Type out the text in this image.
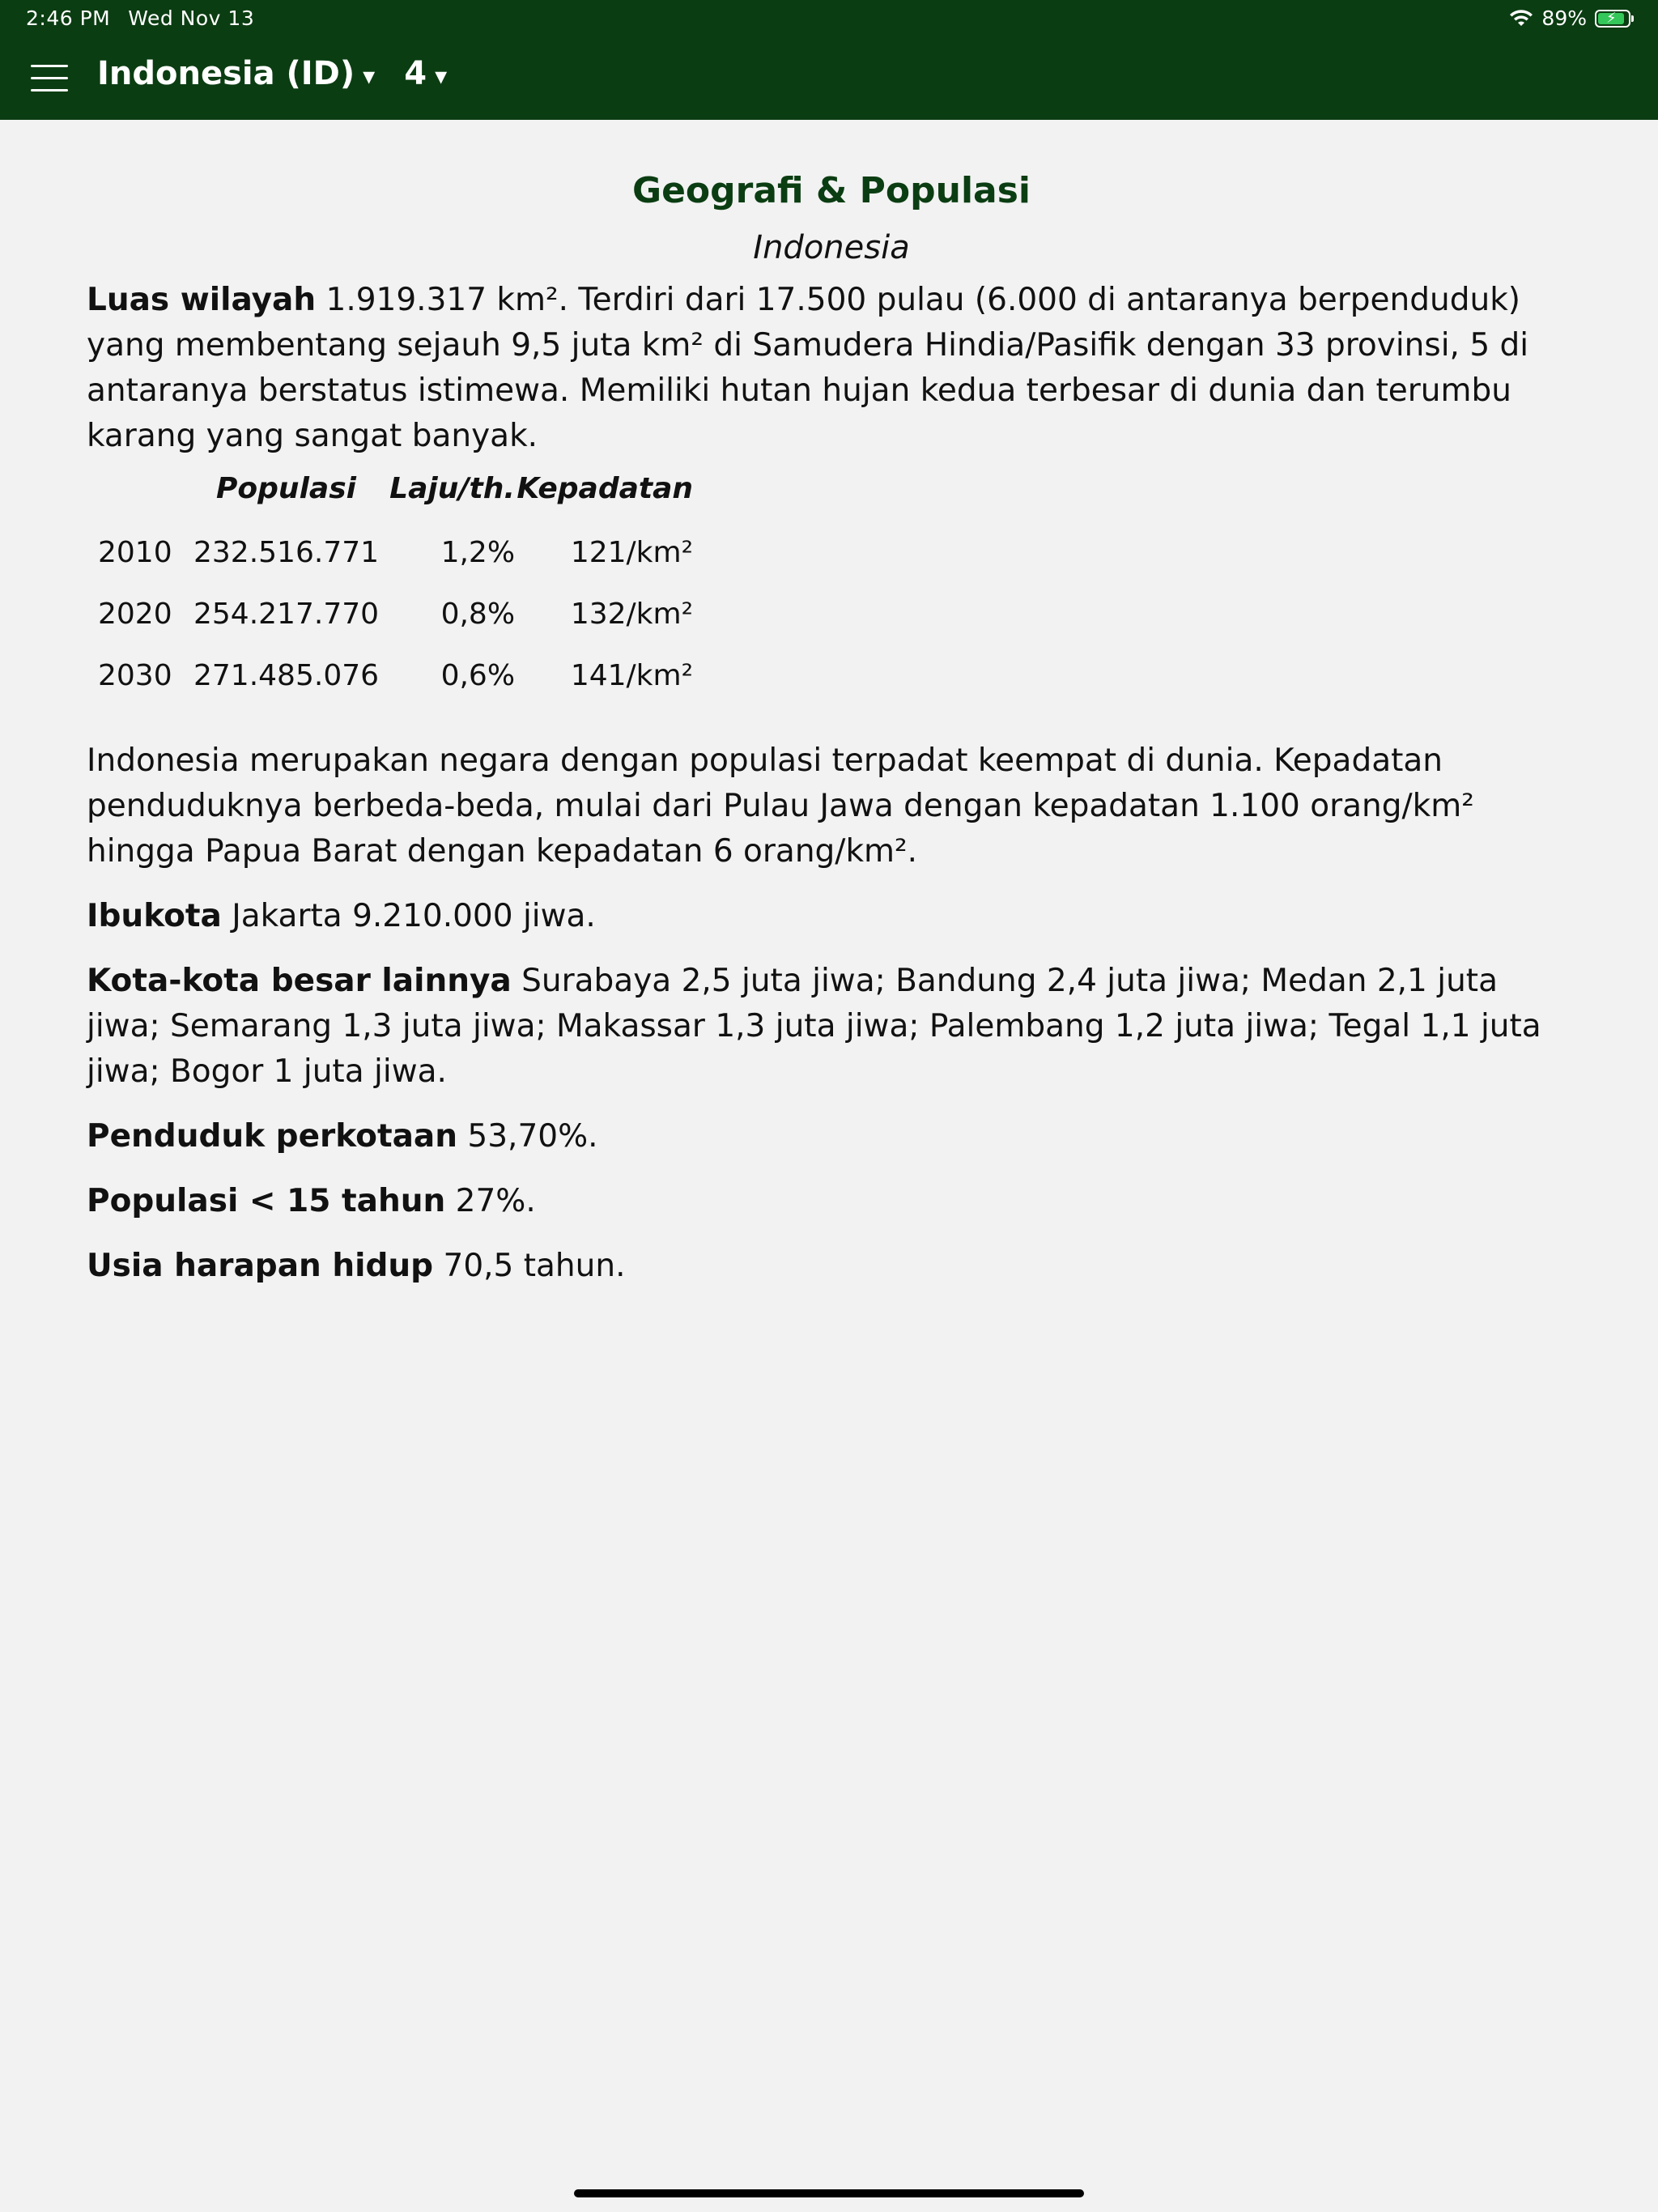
2:46 PM Wed Nov 13	89% ⚡
Indonesia (ID) ▾ 4 ▾
Geografi & Populasi
Indonesia

Luas wilayah 1.919.317 km². Terdiri dari 17.500 pulau (6.000 di antaranya berpenduduk) yang membentang sejauh 9,5 juta km² di Samudera Hindia/Pasifik dengan 33 provinsi, 5 di antaranya berstatus istimewa. Memiliki hutan hujan kedua terbesar di dunia dan terumbu karang yang sangat banyak.

	Populasi	Laju/th.	Kepadatan
2010	232.516.771	1,2%	121/km²
2020	254.217.770	0,8%	132/km²
2030	271.485.076	0,6%	141/km²

Indonesia merupakan negara dengan populasi terpadat keempat di dunia. Kepadatan penduduknya berbeda-beda, mulai dari Pulau Jawa dengan kepadatan 1.100 orang/km² hingga Papua Barat dengan kepadatan 6 orang/km².

Ibukota Jakarta 9.210.000 jiwa.

Kota-kota besar lainnya Surabaya 2,5 juta jiwa; Bandung 2,4 juta jiwa; Medan 2,1 juta jiwa; Semarang 1,3 juta jiwa; Makassar 1,3 juta jiwa; Palembang 1,2 juta jiwa; Tegal 1,1 juta jiwa; Bogor 1 juta jiwa.

Penduduk perkotaan 53,70%.

Populasi < 15 tahun 27%.

Usia harapan hidup 70,5 tahun.
